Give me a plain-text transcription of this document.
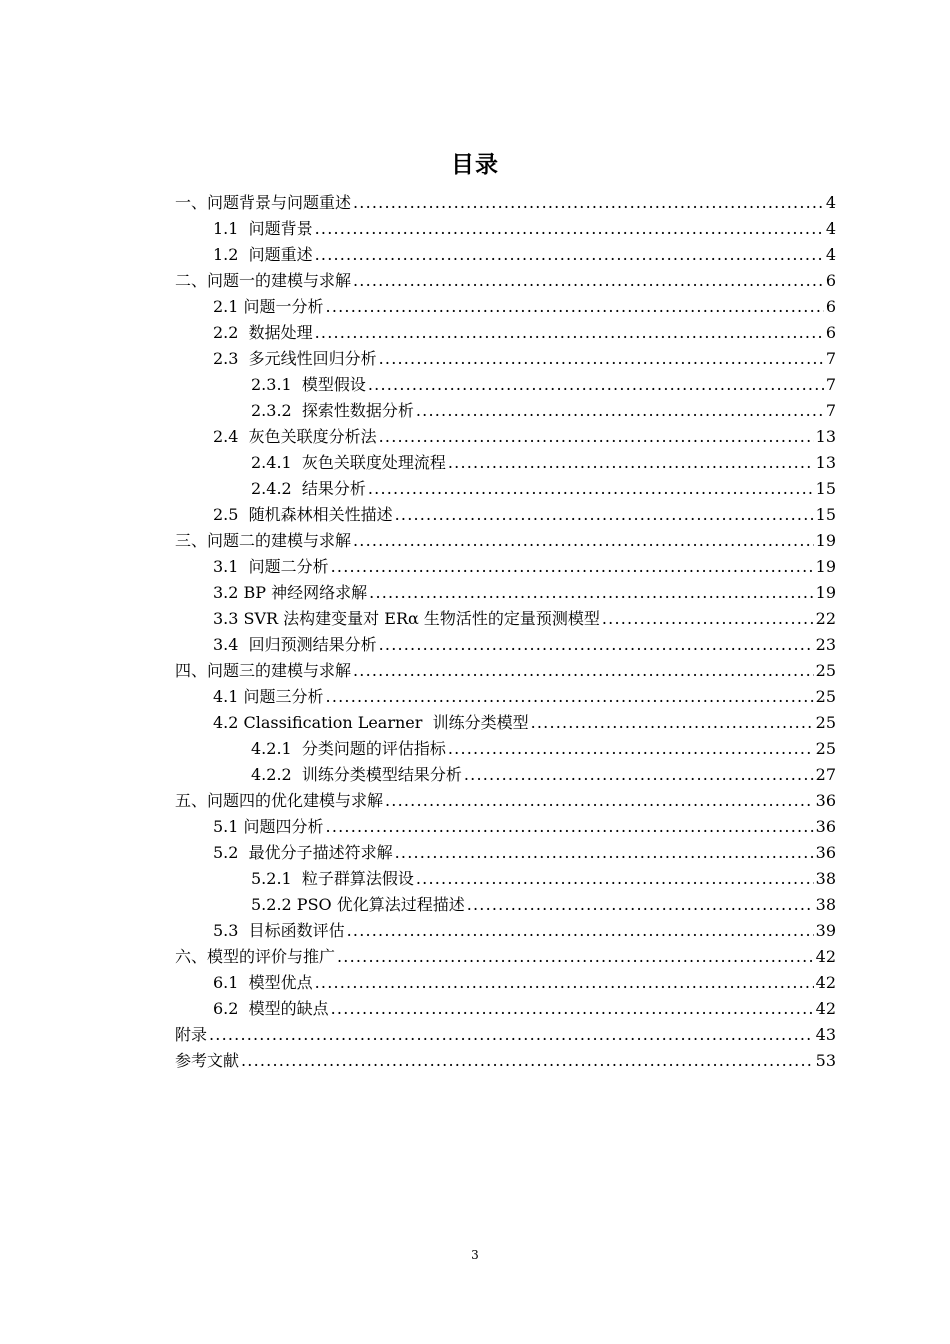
目录
一、问题背景与问题重述 .....	4
1.1  问题背景 .....	4
1.2  问题重述 .....	4
二、问题一的建模与求解 .....	6
2.1 问题一分析 .....	6
2.2  数据处理 .....	6
2.3  多元线性回归分析 .....	7
2.3.1  模型假设 .....	7
2.3.2  探索性数据分析 .....	7
2.4  灰色关联度分析法 .....	13
2.4.1  灰色关联度处理流程 .....	13
2.4.2  结果分析 .....	15
2.5  随机森林相关性描述 .....	15
三、问题二的建模与求解 .....	19
3.1  问题二分析 .....	19
3.2 BP 神经网络求解 .....	19
3.3 SVR 法构建变量对 ERα 生物活性的定量预测模型 .....	22
3.4  回归预测结果分析 .....	23
四、问题三的建模与求解 .....	25
4.1 问题三分析 .....	25
4.2 Classification Learner  训练分类模型 .....	25
4.2.1  分类问题的评估指标 .....	25
4.2.2  训练分类模型结果分析 .....	27
五、问题四的优化建模与求解 .....	36
5.1 问题四分析 .....	36
5.2  最优分子描述符求解 .....	36
5.2.1  粒子群算法假设 .....	38
5.2.2 PSO 优化算法过程描述 .....	38
5.3  目标函数评估 .....	39
六、模型的评价与推广 .....	42
6.1  模型优点 .....	42
6.2  模型的缺点 .....	42
附录 .....	43
参考文献 .....	53
3
